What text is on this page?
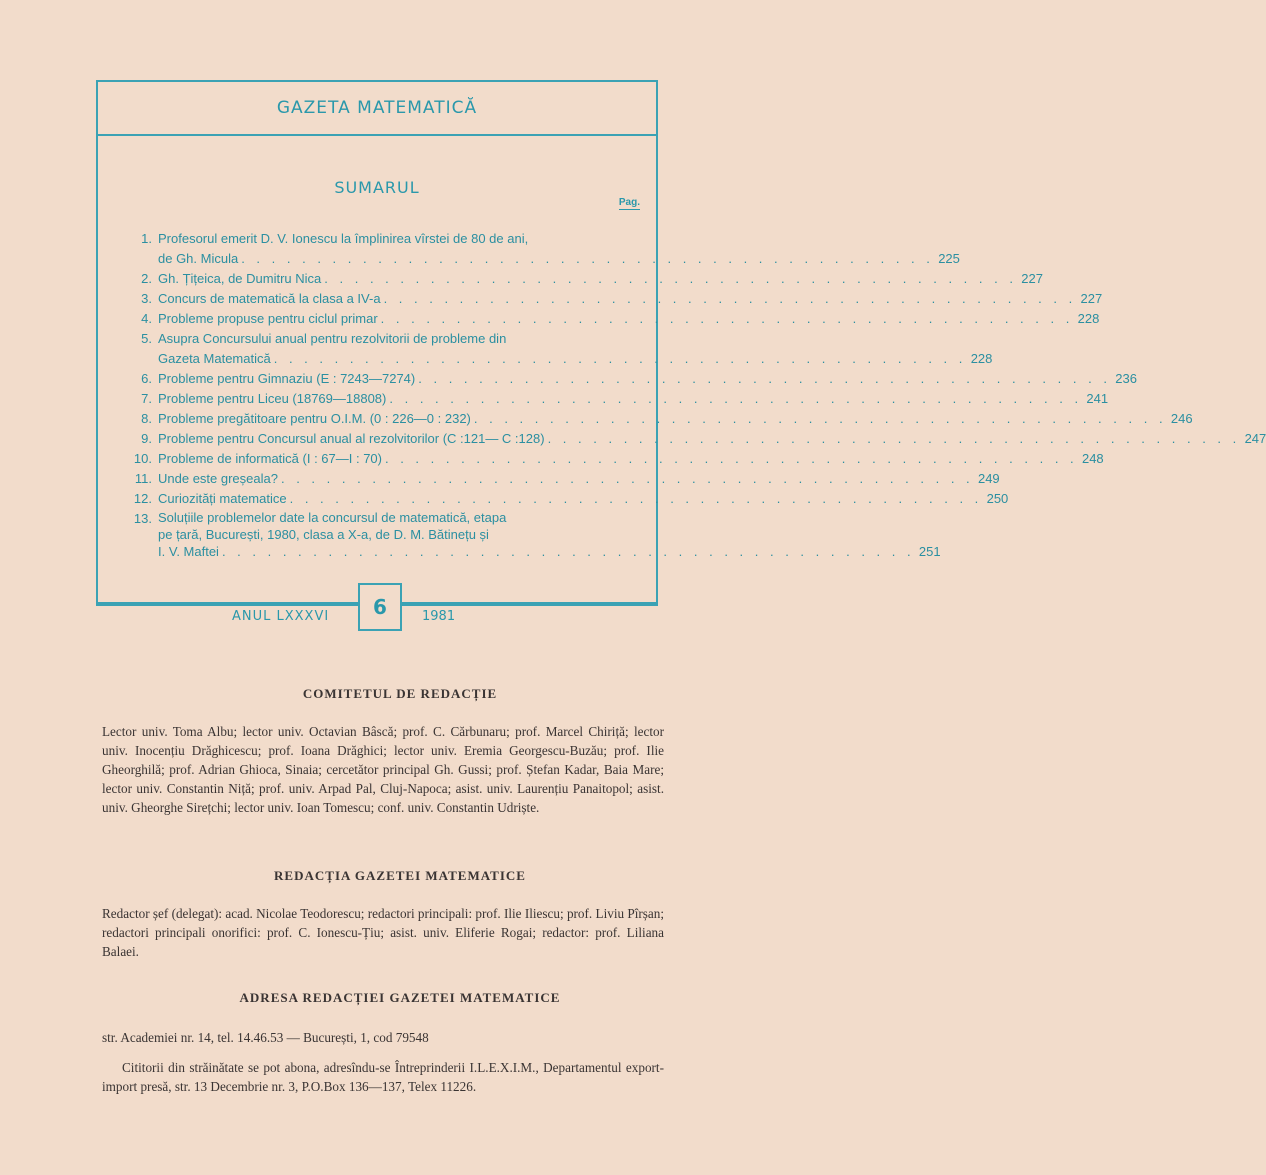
GAZETA MATEMATICĂ
SUMARUL
Pag.
1. Profesorul emerit D. V. Ionescu la împlinirea vîrstei de 80 de ani,
de Gh. Micula . . .	225
2. Gh. Țițeica, de Dumitru Nica . . .	227
3. Concurs de matematică la clasa a IV-a . . .	227
4. Probleme propuse pentru ciclul primar . . .	228
5. Asupra Concursului anual pentru rezolvitorii de probleme din
Gazeta Matematică . . .	228
6. Probleme pentru Gimnaziu (E : 7243—7274) . . .	236
7. Probleme pentru Liceu (18769—18808) . . .	241
8. Probleme pregătitoare pentru O.I.M. (0 : 226—0 : 232) . . .	246
9. Probleme pentru Concursul anual al rezolvitorilor (C :121— C :128) . . .	247
10. Probleme de informatică (I : 67—I : 70) . . .	248
11. Unde este greșeala? . . .	249
12. Curiozități matematice . . .	250
13. Soluțiile problemelor date la concursul de matematică, etapa
pe țară, București, 1980, clasa a X-a, de D. M. Bătinețu și
I. V. Maftei . . .	251
ANUL LXXXVI	6	1981
COMITETUL DE REDACȚIE
Lector univ. Toma Albu; lector univ. Octavian Bâscă; prof. C. Cărbunaru; prof. Marcel Chiriță; lector univ. Inocențiu Drăghicescu; prof. Ioana Drăghici; lector univ. Eremia Georgescu-Buzău; prof. Ilie Gheorghilă; prof. Adrian Ghioca, Sinaia; cercetător principal Gh. Gussi; prof. Ștefan Kadar, Baia Mare; lector univ. Constantin Niță; prof. univ. Arpad Pal, Cluj-Napoca; asist. univ. Laurențiu Panaitopol; asist. univ. Gheorghe Sirețchi; lector univ. Ioan Tomescu; conf. univ. Constantin Udriște.
REDACȚIA GAZETEI MATEMATICE
Redactor șef (delegat): acad. Nicolae Teodorescu; redactori principali: prof. Ilie Iliescu; prof. Liviu Pîrșan; redactori principali onorifici: prof. C. Ionescu-Țiu; asist. univ. Eliferie Rogai; redactor: prof. Liliana Balaei.
ADRESA REDACȚIEI GAZETEI MATEMATICE
str. Academiei nr. 14, tel. 14.46.53 — București, 1, cod 79548
Cititorii din străinătate se pot abona, adresîndu-se Întreprinderii I.L.E.X.I.M., Departamentul export-import presă, str. 13 Decembrie nr. 3, P.O.Box 136—137, Telex 11226.
